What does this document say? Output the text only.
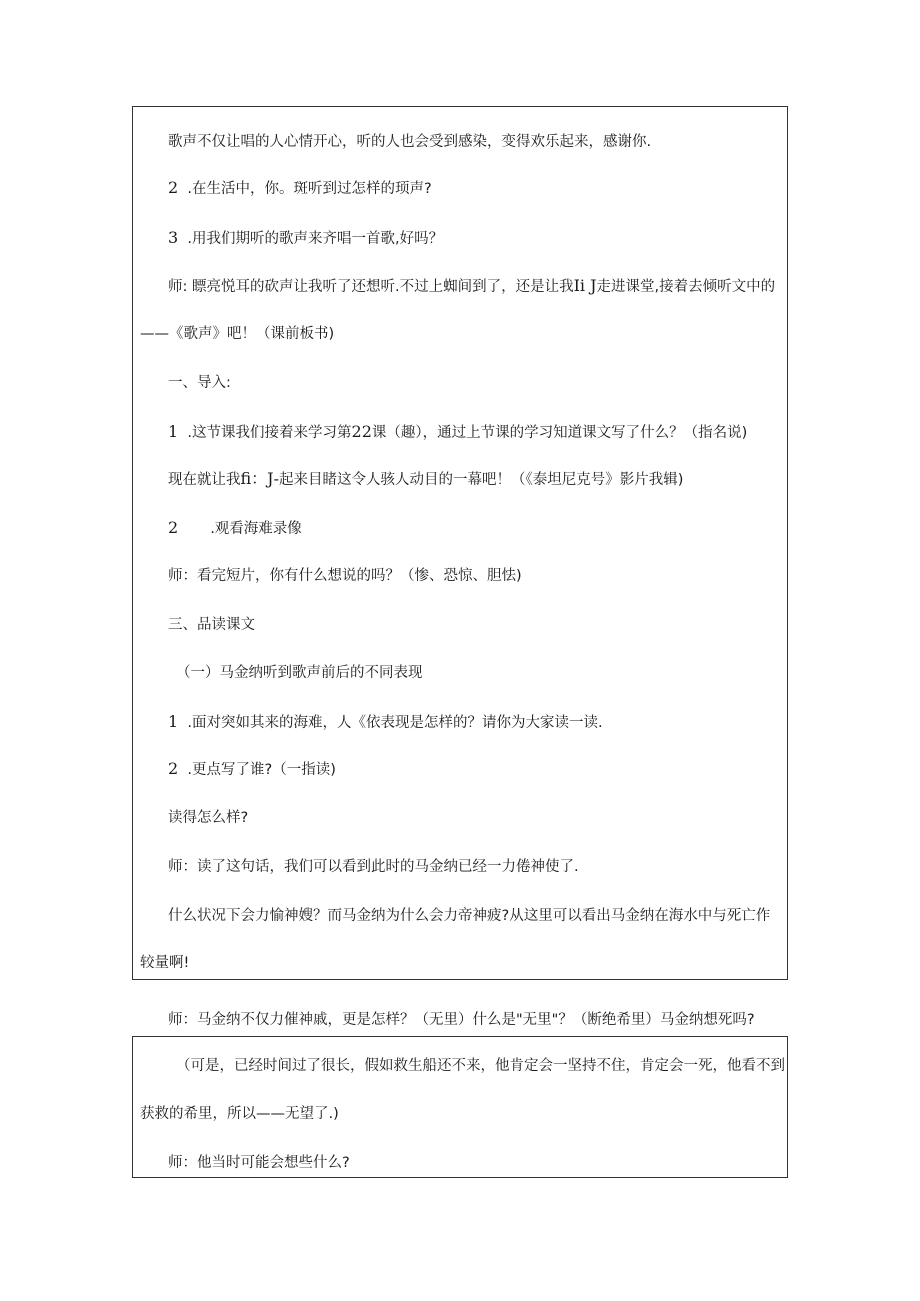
歌声不仅让唱的人心情开心，听的人也会受到感染，变得欢乐起来，感谢你.

2 .在生活中，你。斑听到过怎样的顼声?

3 .用我们期听的歌声来齐唱一首歌,好吗？

师: 瞟亮悦耳的砍声让我听了还想听.不过上蜘间到了，还是让我Ii J走进课堂,接着去倾听文中的

——《歌声》吧！（课前板书)

一、导入:

1 .这节课我们接着来学习第22课（趣），通过上节课的学习知道课文写了什么？（指名说)

现在就让我fi：J-起来目睹这令人骇人动目的一幕吧！（《泰坦尼克号》影片我辑)

2 .观看海难录像

师：看完短片，你有什么想说的吗？（惨、恐惊、胆怯)

三、品读课文

（一）马金纳听到歌声前后的不同表现

1 .面对突如其来的海难，人《依表现是怎样的？请你为大家读一读.

2 .更点写了谁?（一指读)

读得怎么样?

师：读了这句话，我们可以看到此时的马金纳已经一力倦神使了.

什么状况下会力愉神嫂？而马金纳为什么会力帝神疲?从这里可以看出马金纳在海水中与死亡作

较量啊!

师：马金纳不仅力催神戚，更是怎样？（无里）什么是"无里"？（断绝希里）马金纳想死吗?

（可是，已经时间过了很长，假如救生船还不来，他肯定会一坚持不住，肯定会一死，他看不到

获救的希里，所以——无望了.)

师：他当时可能会想些什么?
